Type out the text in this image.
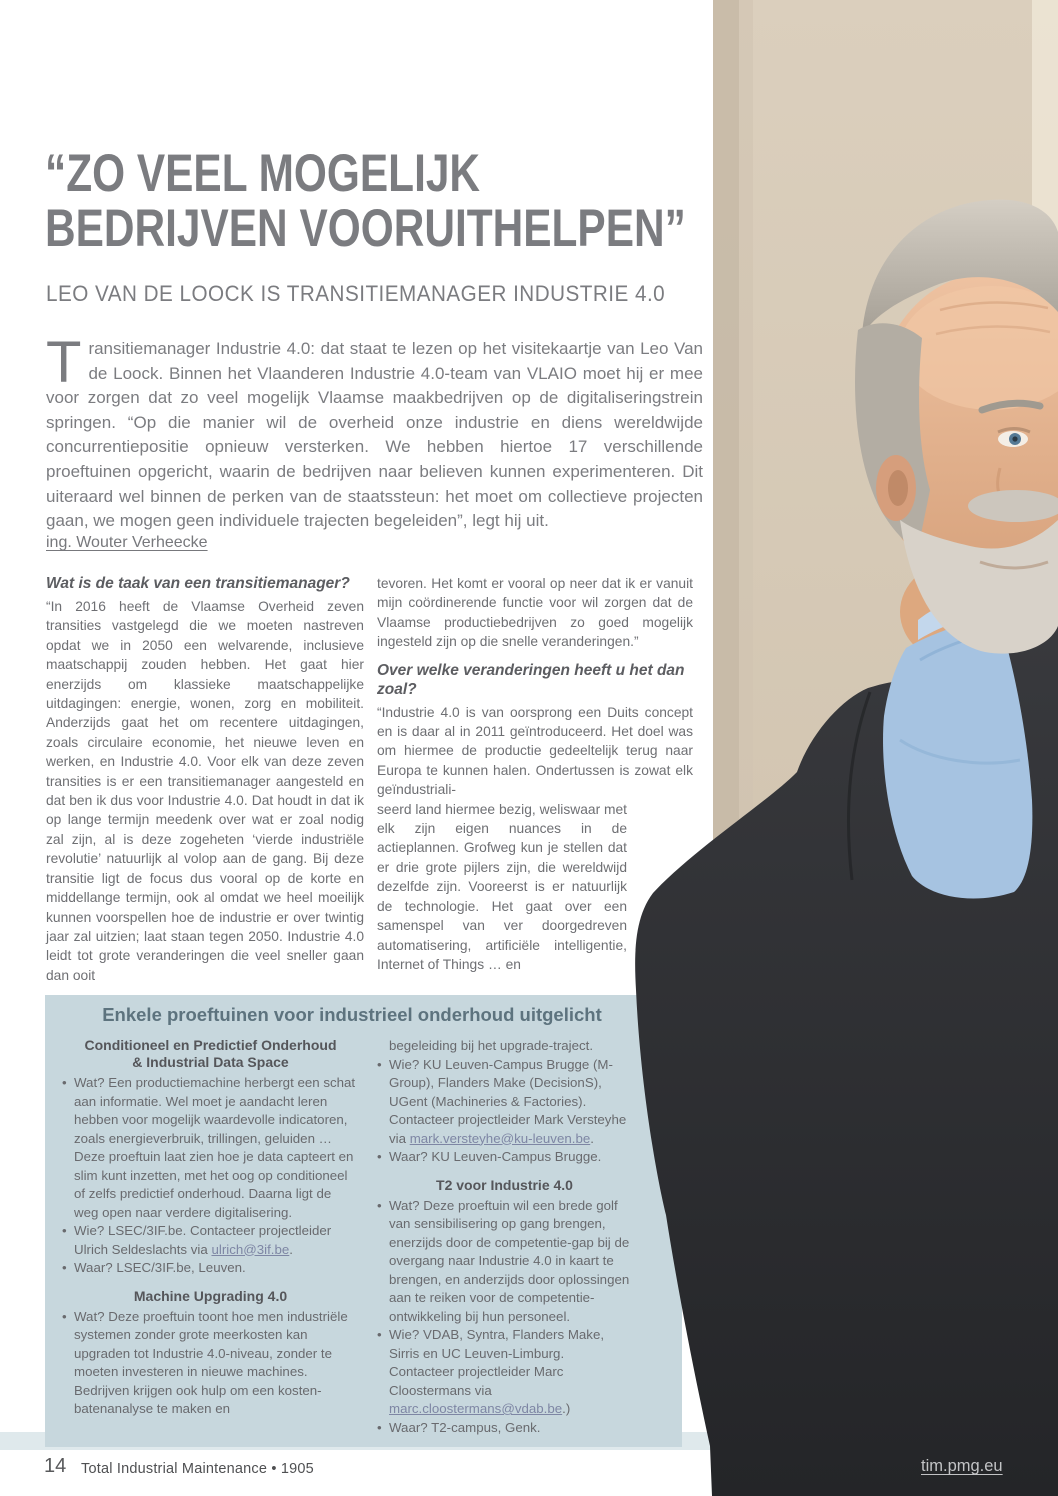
“ZO VEEL MOGELIJK
BEDRIJVEN VOORUITHELPEN”
LEO VAN DE LOOCK IS TRANSITIEMANAGER INDUSTRIE 4.0
Transitiemanager Industrie 4.0: dat staat te lezen op het visitekaartje van Leo Van de Loock. Binnen het Vlaanderen Industrie 4.0-team van VLAIO moet hij er mee voor zorgen dat zo veel mogelijk Vlaamse maakbedrijven op de digitaliseringstrein springen. “Op die manier wil de overheid onze industrie en diens wereldwijde concurrentiepositie opnieuw versterken. We hebben hiertoe 17 verschillende proeftuinen opgericht, waarin de bedrijven naar believen kunnen experimenteren. Dit uiteraard wel binnen de perken van de staatssteun: het moet om collectieve projecten gaan, we mogen geen individuele trajecten begeleiden”, legt hij uit.
ing. Wouter Verheecke

Wat is de taak van een transitiemanager?

“In 2016 heeft de Vlaamse Overheid zeven transities vastgelegd die we moeten nastreven opdat we in 2050 een welvarende, inclusieve maatschappij zouden hebben. Het gaat hier enerzijds om klassieke maatschappelijke uitdagingen: energie, wonen, zorg en mobiliteit. Anderzijds gaat het om recentere uitdagingen, zoals circulaire economie, het nieuwe leven en werken, en Industrie 4.0. Voor elk van deze zeven transities is er een transitiemanager aangesteld en dat ben ik dus voor Industrie 4.0. Dat houdt in dat ik op lange termijn meedenk over wat er zoal nodig zal zijn, al is deze zogeheten ‘vierde industriële revolutie’ natuurlijk al volop aan de gang. Bij deze transitie ligt de focus dus vooral op de korte en middellange termijn, ook al omdat we heel moeilijk kunnen voorspellen hoe de industrie er over twintig jaar zal uitzien; laat staan tegen 2050. Industrie 4.0 leidt tot grote veranderingen die veel sneller gaan dan ooit

tevoren. Het komt er vooral op neer dat ik er vanuit mijn coördinerende functie voor wil zorgen dat de Vlaamse productiebedrijven zo goed mogelijk ingesteld zijn op die snelle veranderingen.”

Over welke veranderingen heeft u het dan zoal?

“Industrie 4.0 is van oorsprong een Duits concept en is daar al in 2011 geïntroduceerd. Het doel was om hiermee de productie gedeeltelijk terug naar Europa te kunnen halen. Ondertussen is zowat elk geïndustriali-

seerd land hiermee bezig, weliswaar met elk zijn eigen nuances in de actieplannen. Grofweg kun je stellen dat er drie grote pijlers zijn, die wereldwijd dezelfde zijn. Vooreerst is er natuurlijk de technologie. Het gaat over een samenspel van ver doorgedreven automatisering, artificiële intelligentie, Internet of Things … en

Enkele proeftuinen voor industrieel onderhoud uitgelicht
Conditioneel en Predictief Onderhoud
& Industrial Data Space
• Wat? Een productiemachine herbergt een schat aan informatie. Wel moet je aandacht leren hebben voor mogelijk waardevolle indicatoren, zoals energieverbruik, trillingen, geluiden … Deze proeftuin laat zien hoe je data capteert en slim kunt inzetten, met het oog op conditioneel of zelfs predictief onderhoud. Daarna ligt de weg open naar verdere digitalisering.
• Wie? LSEC/3IF.be. Contacteer projectleider Ulrich Seldeslachts via ulrich@3if.be.
• Waar? LSEC/3IF.be, Leuven.
Machine Upgrading 4.0
• Wat? Deze proeftuin toont hoe men industriële systemen zonder grote meerkosten kan upgraden tot Industrie 4.0-niveau, zonder te moeten investeren in nieuwe machines. Bedrijven krijgen ook hulp om een kosten-batenanalyse te maken en
begeleiding bij het upgrade-traject.
• Wie? KU Leuven-Campus Brugge (M-Group), Flanders Make (DecisionS), UGent (Machineries & Factories). Contacteer projectleider Mark Versteyhe via mark.versteyhe@ku-leuven.be.
• Waar? KU Leuven-Campus Brugge.
T2 voor Industrie 4.0
• Wat? Deze proeftuin wil een brede golf van sensibilisering op gang brengen, enerzijds door de competentie-gap bij de overgang naar Industrie 4.0 in kaart te brengen, en anderzijds door oplossingen aan te reiken voor de competentie-ontwikkeling bij hun personeel.
• Wie? VDAB, Syntra, Flanders Make, Sirris en UC Leuven-Limburg. Contacteer projectleider Marc Cloostermans via marc.cloostermans@vdab.be.)
• Waar? T2-campus, Genk.
14 Total Industrial Maintenance • 1905	tim.pmg.eu
